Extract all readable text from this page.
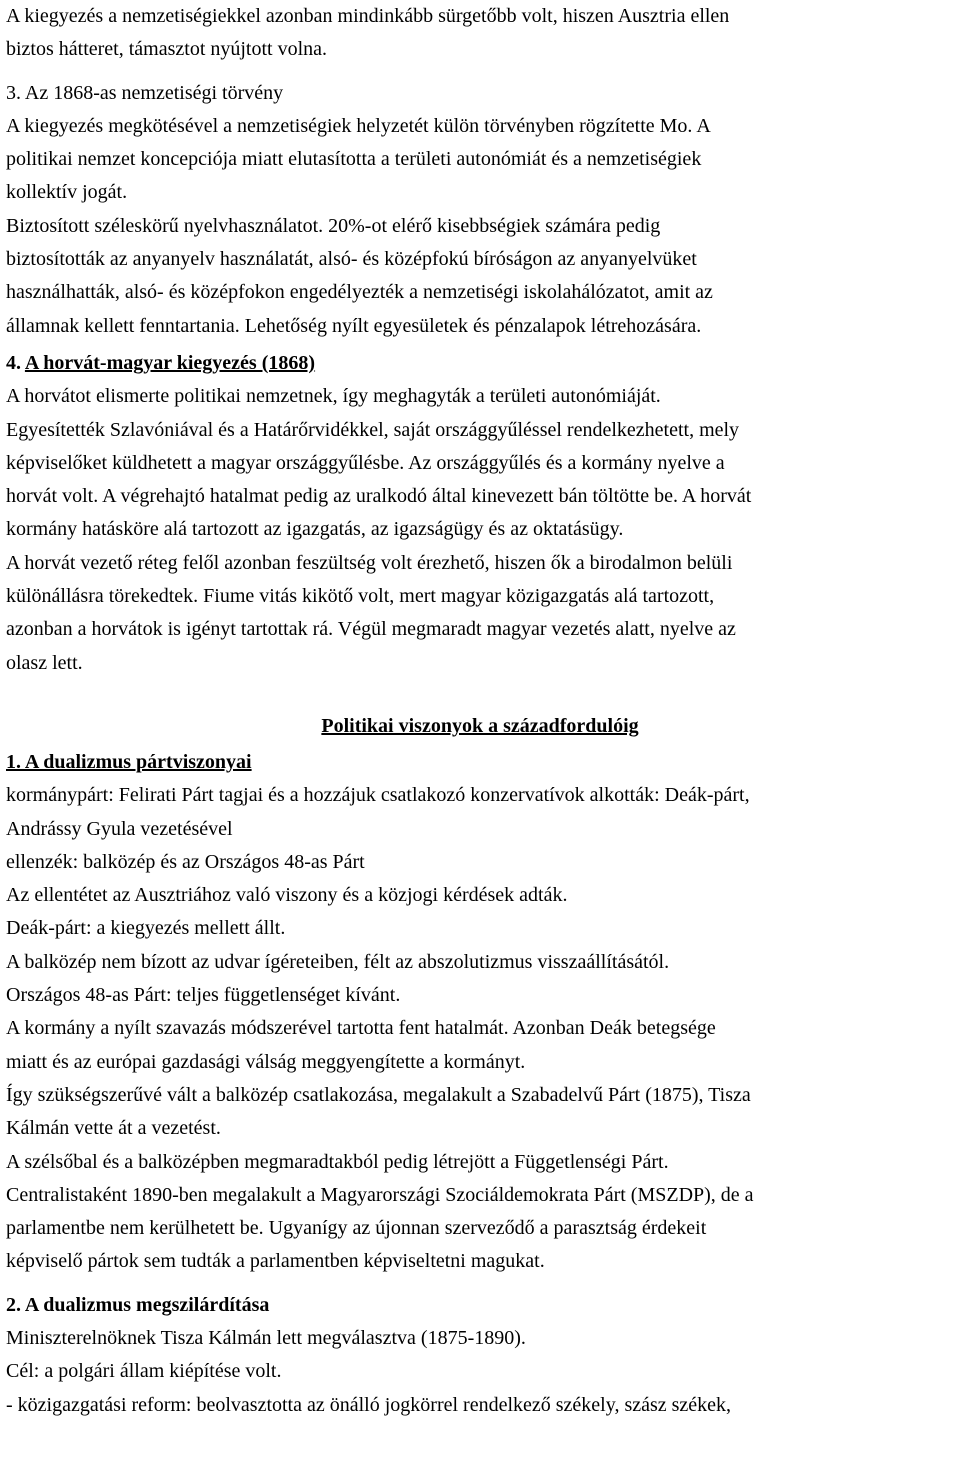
A kiegyezés a nemzetiségiekkel azonban mindinkább sürgetőbb volt, hiszen Ausztria ellen

biztos hátteret, támasztot nyújtott volna.

3. Az 1868-as nemzetiségi törvény

A kiegyezés megkötésével a nemzetiségiek helyzetét külön törvényben rögzítette Mo. A

politikai nemzet koncepciója miatt elutasította a területi autonómiát és a nemzetiségiek

kollektív jogát.

Biztosított széleskörű nyelvhasználatot. 20%-ot elérő kisebbségiek számára pedig

biztosították az anyanyelv használatát, alsó- és középfokú bíróságon az anyanyelvüket

használhatták, alsó- és középfokon engedélyezték a nemzetiségi iskolahálózatot, amit az

államnak kellett fenntartania. Lehetőség nyílt egyesületek és pénzalapok létrehozására.

4. A horvát-magyar kiegyezés (1868)

A horvátot elismerte politikai nemzetnek, így meghagyták a területi autonómiáját.

Egyesítették Szlavóniával és a Határőrvidékkel, saját országgyűléssel rendelkezhetett, mely

képviselőket küldhetett a magyar országgyűlésbe. Az országgyűlés és a kormány nyelve a

horvát volt. A végrehajtó hatalmat pedig az uralkodó által kinevezett bán töltötte be. A horvát

kormány hatásköre alá tartozott az igazgatás, az igazságügy és az oktatásügy.

A horvát vezető réteg felől azonban feszültség volt érezhető, hiszen ők a birodalmon belüli

különállásra törekedtek. Fiume vitás kikötő volt, mert magyar közigazgatás alá tartozott,

azonban a horvátok is igényt tartottak rá. Végül megmaradt magyar vezetés alatt, nyelve az

olasz lett.

Politikai viszonyok a századfordulóig

1. A dualizmus pártviszonyai

kormánypárt: Felirati Párt tagjai és a hozzájuk csatlakozó konzervatívok alkották: Deák-párt,

Andrássy Gyula vezetésével

ellenzék: balközép és az Országos 48-as Párt

Az ellentétet az Ausztriához való viszony és a közjogi kérdések adták.

Deák-párt: a kiegyezés mellett állt.

A balközép nem bízott az udvar ígéreteiben, félt az abszolutizmus visszaállításától.

Országos 48-as Párt: teljes függetlenséget kívánt.

A kormány a nyílt szavazás módszerével tartotta fent hatalmát. Azonban Deák betegsége

miatt és az európai gazdasági válság meggyengítette a kormányt.

Így szükségszerűvé vált a balközép csatlakozása, megalakult a Szabadelvű Párt (1875), Tisza

Kálmán vette át a vezetést.

A szélsőbal és a balközépben megmaradtakból pedig létrejött a Függetlenségi Párt.

Centralistaként 1890-ben megalakult a Magyarországi Szociáldemokrata Párt (MSZDP), de a

parlamentbe nem kerülhetett be. Ugyanígy az újonnan szerveződő a parasztság érdekeit

képviselő pártok sem tudták a parlamentben képviseltetni magukat.

2. A dualizmus megszilárdítása

Miniszterelnöknek Tisza Kálmán lett megválasztva (1875-1890).

Cél: a polgári állam kiépítése volt.

- közigazgatási reform: beolvasztotta az önálló jogkörrel rendelkező székely, szász székek,
